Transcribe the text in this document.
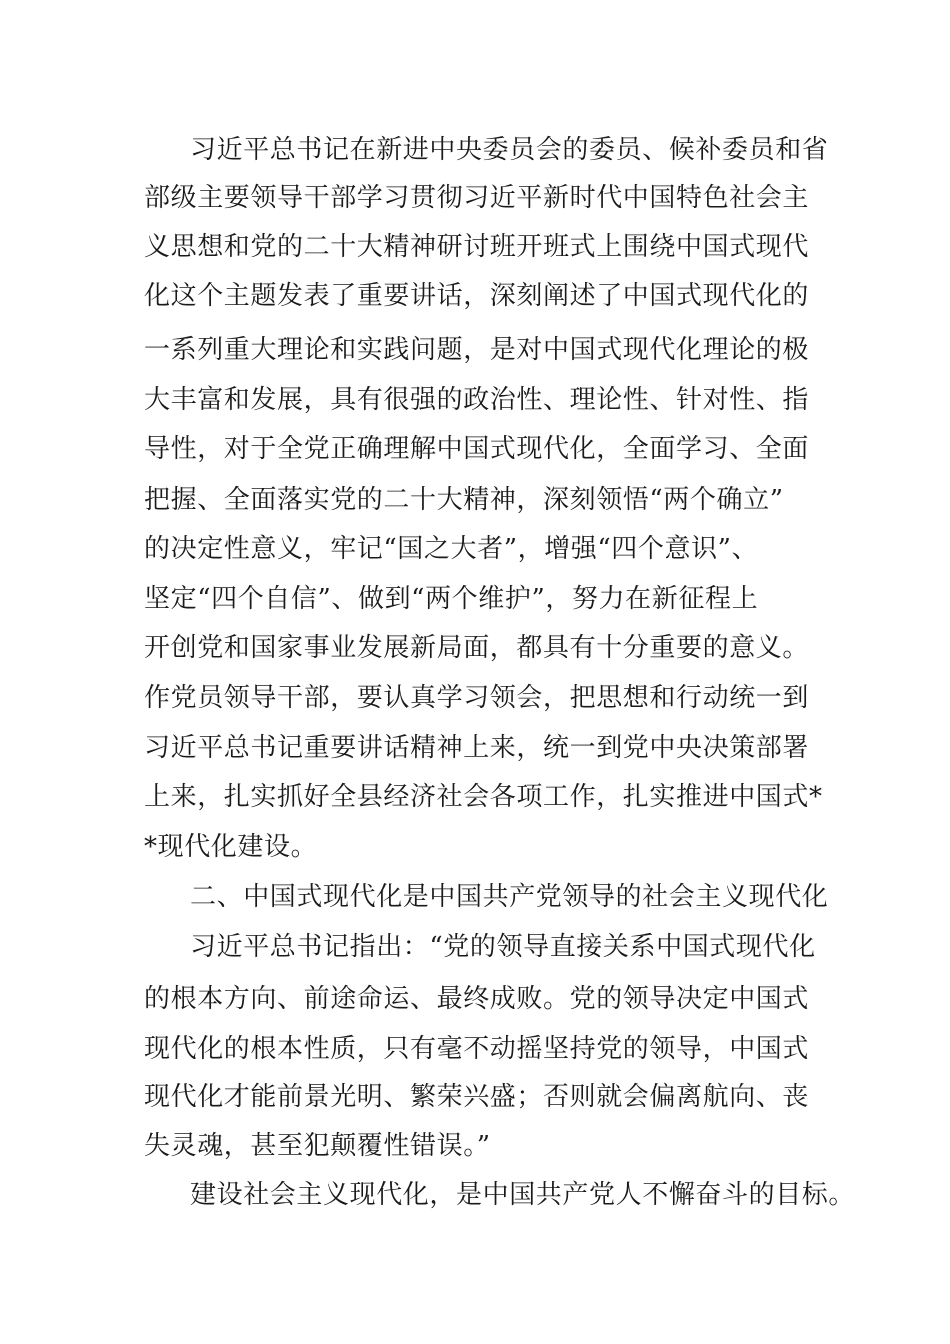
习近平总书记在新进中央委员会的委员、候补委员和省
部级主要领导干部学习贯彻习近平新时代中国特色社会主
义思想和党的二十大精神研讨班开班式上围绕中国式现代
化这个主题发表了重要讲话，深刻阐述了中国式现代化的
一系列重大理论和实践问题，是对中国式现代化理论的极
大丰富和发展，具有很强的政治性、理论性、针对性、指
导性，对于全党正确理解中国式现代化，全面学习、全面
把握、全面落实党的二十大精神，深刻领悟“两个确立”
的决定性意义，牢记“国之大者”，增强“四个意识”、
坚定“四个自信”、做到“两个维护”，努力在新征程上
开创党和国家事业发展新局面，都具有十分重要的意义。
作党员领导干部，要认真学习领会，把思想和行动统一到
习近平总书记重要讲话精神上来，统一到党中央决策部署
上来，扎实抓好全县经济社会各项工作，扎实推进中国式*
*现代化建设。
二、中国式现代化是中国共产党领导的社会主义现代化
习近平总书记指出：“党的领导直接关系中国式现代化
的根本方向、前途命运、最终成败。党的领导决定中国式
现代化的根本性质，只有毫不动摇坚持党的领导，中国式
现代化才能前景光明、繁荣兴盛；否则就会偏离航向、丧
失灵魂，甚至犯颠覆性错误。”
建设社会主义现代化，是中国共产党人不懈奋斗的目标。
